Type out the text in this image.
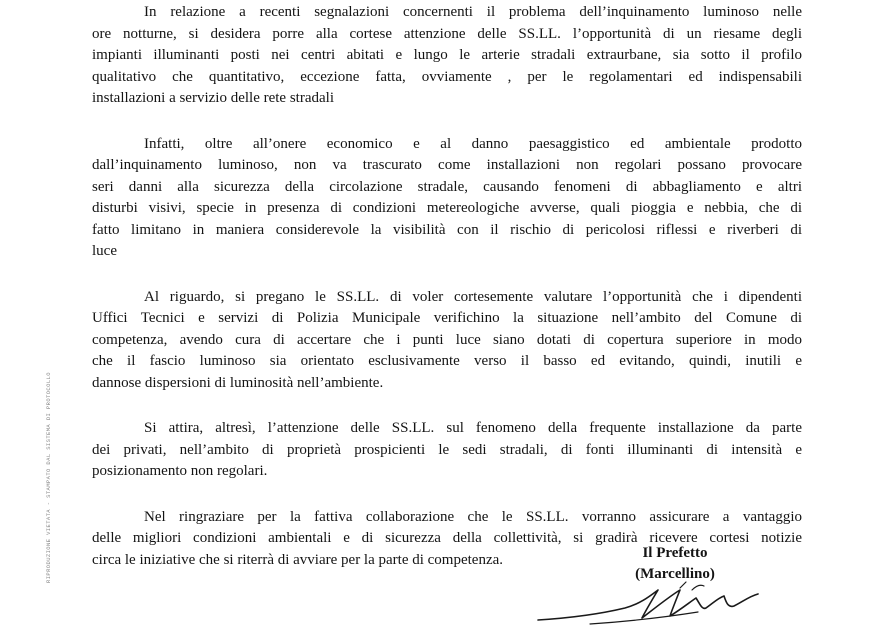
RIPRODUZIONE VIETATA - STAMPATO DAL SISTEMA DI PROTOCOLLO

In relazione a recenti segnalazioni concernenti il problema dell’inquinamento luminoso nelle
ore notturne, si desidera porre alla cortese attenzione delle SS.LL. l’opportunità di un riesame degli
impianti illuminanti posti nei centri abitati e lungo le arterie stradali extraurbane, sia sotto il profilo
qualitativo che quantitativo, eccezione fatta, ovviamente , per le regolamentari ed indispensabili
installazioni a servizio delle rete stradali

Infatti, oltre all’onere economico e al danno paesaggistico ed ambientale prodotto
dall’inquinamento luminoso, non va trascurato come installazioni non regolari possano provocare
seri danni alla sicurezza della circolazione stradale, causando fenomeni di abbagliamento e altri
disturbi visivi, specie in presenza di condizioni metereologiche avverse, quali pioggia e nebbia, che di
fatto limitano in maniera considerevole la visibilità con il rischio di pericolosi riflessi e riverberi di
luce

Al riguardo, si pregano le SS.LL. di voler cortesemente valutare l’opportunità che i dipendenti
Uffici Tecnici e servizi di Polizia Municipale verifichino la situazione nell’ambito del Comune di
competenza, avendo cura di accertare che i punti luce siano dotati di copertura superiore in modo
che il fascio luminoso sia orientato esclusivamente verso il basso ed evitando, quindi, inutili e
dannose dispersioni di luminosità nell’ambiente.

Si attira, altresì, l’attenzione delle SS.LL. sul fenomeno della frequente installazione da parte
dei privati, nell’ambito di proprietà prospicienti le sedi stradali, di fonti illuminanti di intensità e
posizionamento non regolari.

Nel ringraziare per la fattiva collaborazione che le SS.LL. vorranno assicurare a vantaggio
delle migliori condizioni ambientali e di sicurezza della collettività, si gradirà ricevere cortesi notizie
circa le iniziative che si riterrà di avviare per la parte di competenza.	Il Prefetto
(Marcellino)
